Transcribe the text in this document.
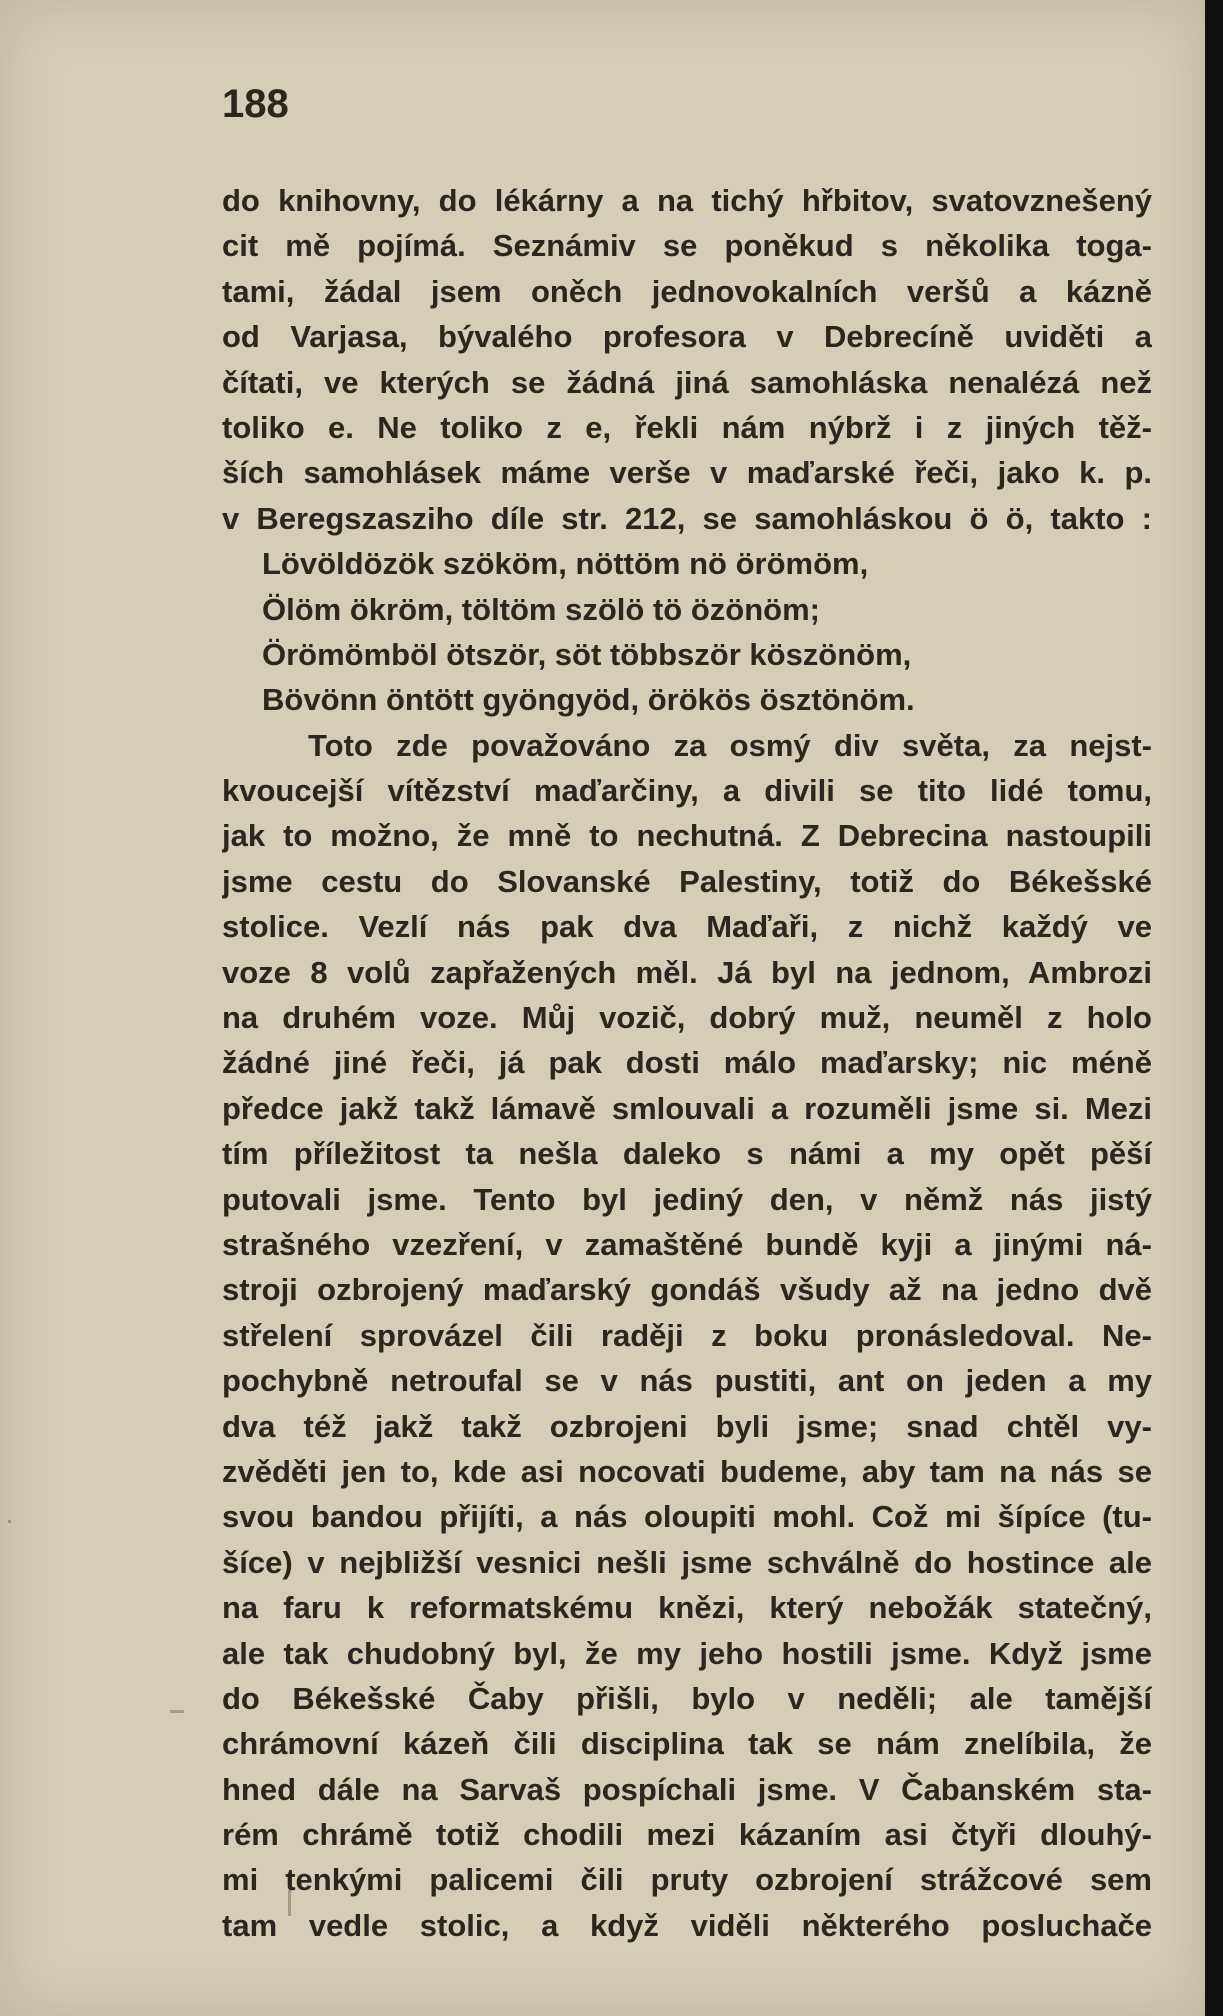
188
do knihovny, do lékárny a na tichý hřbitov, svatovznešený
cit mě pojímá. Seznámiv se poněkud s několika toga-
tami, žádal jsem oněch jednovokalních veršů a kázně
od Varjasa, bývalého profesora v Debrecíně uviděti a
čítati, ve kterých se žádná jiná samohláska nenalézá než
toliko e. Ne toliko z e, řekli nám nýbrž i z jiných těž-
ších samohlásek máme verše v maďarské řeči, jako k. p.
v Beregszasziho díle str. 212, se samohláskou ö ö, takto :
Lövöldözök szököm, nöttöm nö örömöm,
Ölöm ökröm, töltöm szölö tö özönöm;
Örömömböl ötször, söt többször köszönöm,
Bövönn öntött gyöngyöd, örökös ösztönöm.
Toto zde považováno za osmý div světa, za nejst-
kvoucejší vítězství maďarčiny, a divili se tito lidé tomu,
jak to možno, že mně to nechutná. Z Debrecina nastoupili
jsme cestu do Slovanské Palestiny, totiž do Békešské
stolice. Vezlí nás pak dva Maďaři, z nichž každý ve
voze 8 volů zapřažených měl. Já byl na jednom, Ambrozi
na druhém voze. Můj vozič, dobrý muž, neuměl z holo
žádné jiné řeči, já pak dosti málo maďarsky; nic méně
předce jakž takž lámavě smlouvali a rozuměli jsme si. Mezi
tím příležitost ta nešla daleko s námi a my opět pěší
putovali jsme. Tento byl jediný den, v němž nás jistý
strašného vzezření, v zamaštěné bundě kyji a jinými ná-
stroji ozbrojený maďarský gondáš všudy až na jedno dvě
střelení sprovázel čili raději z boku pronásledoval. Ne-
pochybně netroufal se v nás pustiti, ant on jeden a my
dva též jakž takž ozbrojeni byli jsme; snad chtěl vy-
zvěděti jen to, kde asi nocovati budeme, aby tam na nás se
svou bandou přijíti, a nás oloupiti mohl. Což mi šípíce (tu-
šíce) v nejbližší vesnici nešli jsme schválně do hostince ale
na faru k reformatskému knězi, který nebožák statečný,
ale tak chudobný byl, že my jeho hostili jsme. Když jsme
do Békešské Čaby přišli, bylo v neděli; ale tamější
chrámovní kázeň čili disciplina tak se nám znelíbila, že
hned dále na Sarvaš pospíchali jsme. V Čabanském sta-
rém chrámě totiž chodili mezi kázaním asi čtyři dlouhý-
mi tenkými palicemi čili pruty ozbrojení strážcové sem
tam vedle stolic, a když viděli některého posluchače
